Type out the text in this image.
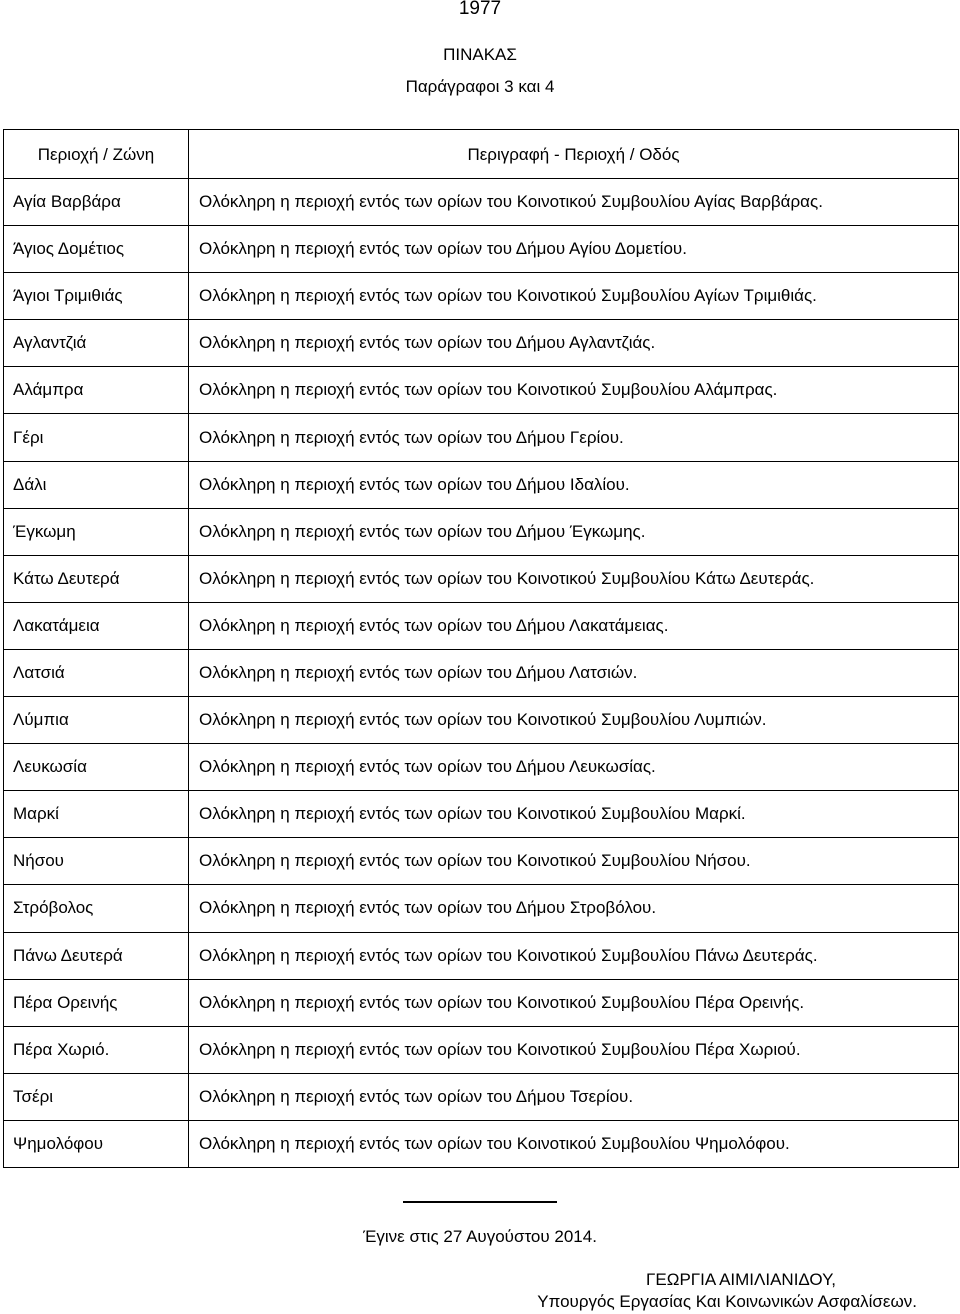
1977
ΠΙΝΑΚΑΣ
Παράγραφοι 3 και 4
Περιοχή / Ζώνη	Περιγραφή - Περιοχή / Οδός
Αγία Βαρβάρα	Ολόκληρη η περιοχή εντός των ορίων του Κοινοτικού Συμβουλίου Αγίας Βαρβάρας.
Άγιος Δομέτιος	Ολόκληρη η περιοχή εντός των ορίων του Δήμου Αγίου Δομετίου.
Άγιοι Τριμιθιάς	Ολόκληρη η περιοχή εντός των ορίων του Κοινοτικού Συμβουλίου Αγίων Τριμιθιάς.
Αγλαντζιά	Ολόκληρη η περιοχή εντός των ορίων του Δήμου Αγλαντζιάς.
Αλάμπρα	Ολόκληρη η περιοχή εντός των ορίων του Κοινοτικού Συμβουλίου Αλάμπρας.
Γέρι	Ολόκληρη η περιοχή εντός των ορίων του Δήμου Γερίου.
Δάλι	Ολόκληρη η περιοχή εντός των ορίων του Δήμου Ιδαλίου.
Έγκωμη	Ολόκληρη η περιοχή εντός των ορίων του Δήμου Έγκωμης.
Κάτω Δευτερά	Ολόκληρη η περιοχή εντός των ορίων του Κοινοτικού Συμβουλίου Κάτω Δευτεράς.
Λακατάμεια	Ολόκληρη η περιοχή εντός των ορίων του Δήμου Λακατάμειας.
Λατσιά	Ολόκληρη η περιοχή εντός των ορίων του Δήμου Λατσιών.
Λύμπια	Ολόκληρη η περιοχή εντός των ορίων του Κοινοτικού Συμβουλίου Λυμπιών.
Λευκωσία	Ολόκληρη η περιοχή εντός των ορίων του Δήμου Λευκωσίας.
Μαρκί	Ολόκληρη η περιοχή εντός των ορίων του Κοινοτικού Συμβουλίου Μαρκί.
Νήσου	Ολόκληρη η περιοχή εντός των ορίων του Κοινοτικού Συμβουλίου Νήσου.
Στρόβολος	Ολόκληρη η περιοχή εντός των ορίων του Δήμου Στροβόλου.
Πάνω Δευτερά	Ολόκληρη η περιοχή εντός των ορίων του Κοινοτικού Συμβουλίου Πάνω Δευτεράς.
Πέρα Ορεινής	Ολόκληρη η περιοχή εντός των ορίων του Κοινοτικού Συμβουλίου Πέρα Ορεινής.
Πέρα Χωριό.	Ολόκληρη η περιοχή εντός των ορίων του Κοινοτικού Συμβουλίου Πέρα Χωριού.
Τσέρι	Ολόκληρη η περιοχή εντός των ορίων του Δήμου Τσερίου.
Ψημολόφου	Ολόκληρη η περιοχή εντός των ορίων του Κοινοτικού Συμβουλίου Ψημολόφου.
Έγινε στις 27 Αυγούστου 2014.
ΓΕΩΡΓΙΑ ΑΙΜΙΛΙΑΝΙΔΟΥ,
Υπουργός Εργασίας Και Κοινωνικών Ασφαλίσεων.
